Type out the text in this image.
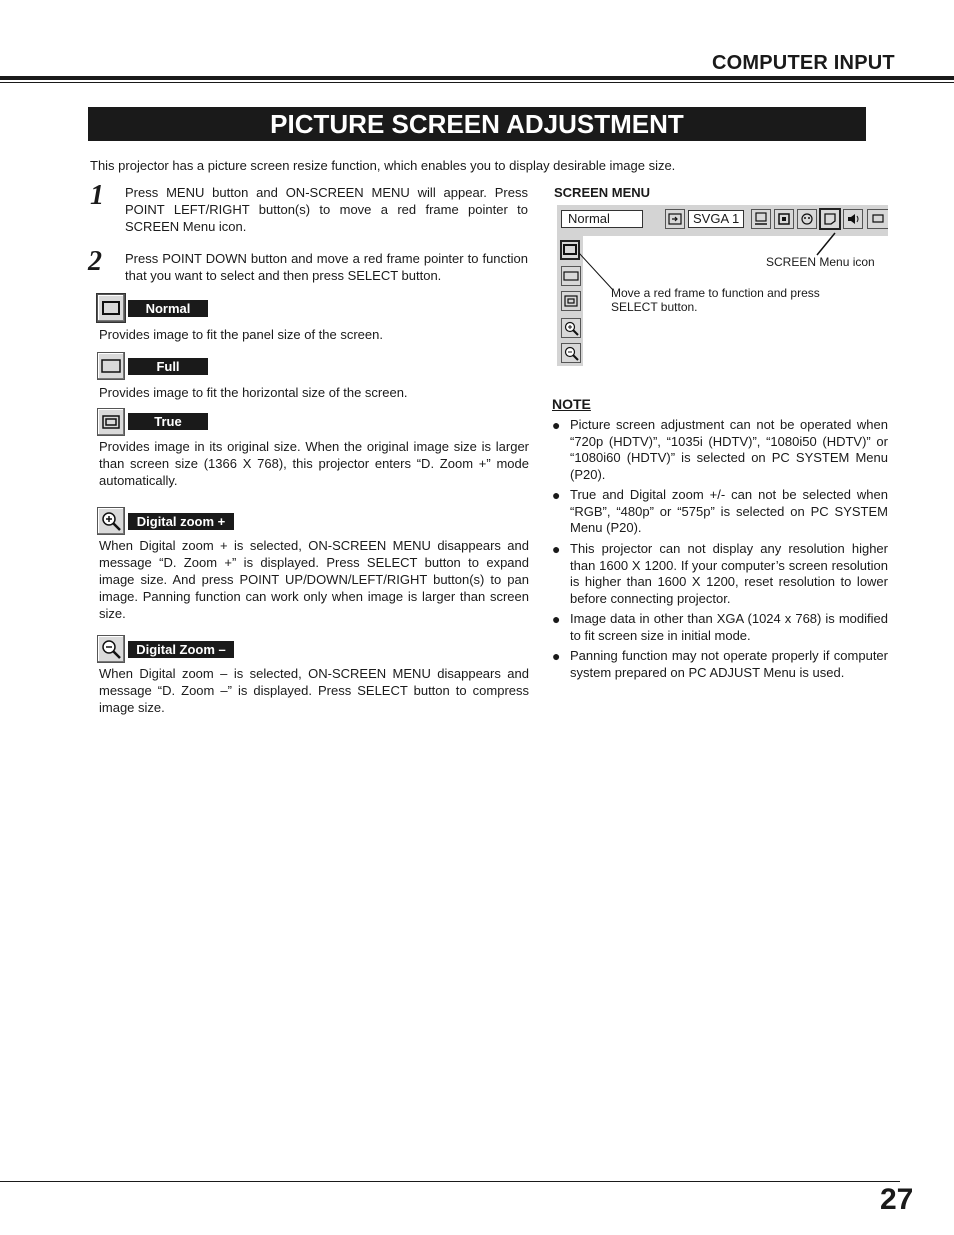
COMPUTER INPUT
PICTURE SCREEN ADJUSTMENT
This projector has a picture screen resize function, which enables you to display desirable image size.
1 Press MENU button and ON-SCREEN MENU will appear. Press POINT LEFT/RIGHT button(s) to move a red frame pointer to SCREEN Menu icon.
2 Press POINT DOWN button and move a red frame pointer to function that you want to select and then press SELECT button.
Normal
Provides image to fit the panel size of the screen.
Full
Provides image to fit the horizontal size of the screen.
True
Provides image in its original size. When the original image size is larger than screen size (1366 X 768), this projector enters “D. Zoom +” mode automatically.
Digital zoom +
When Digital zoom + is selected, ON-SCREEN MENU disappears and message “D. Zoom +” is displayed. Press SELECT button to expand image size. And press POINT UP/DOWN/LEFT/RIGHT button(s) to pan image. Panning function can work only when image is larger than screen size.
Digital Zoom –
When Digital zoom – is selected, ON-SCREEN MENU disappears and message “D. Zoom –” is displayed. Press SELECT button to compress image size.
SCREEN MENU
Normal	SVGA 1
SCREEN Menu icon
Move a red frame to function and press SELECT button.
NOTE
● Picture screen adjustment can not be operated when “720p (HDTV)”, “1035i (HDTV)”, “1080i50 (HDTV)” or “1080i60 (HDTV)” is selected on PC SYSTEM Menu (P20).
● True and Digital zoom +/- can not be selected when “RGB”, “480p” or “575p” is selected on PC SYSTEM Menu (P20).
● This projector can not display any resolution higher than 1600 X 1200. If your computer’s screen resolution is higher than 1600 X 1200, reset resolution to lower before connecting projector.
● Image data in other than XGA (1024 x 768) is modified to fit screen size in initial mode.
● Panning function may not operate properly if computer system prepared on PC ADJUST Menu is used.
27
